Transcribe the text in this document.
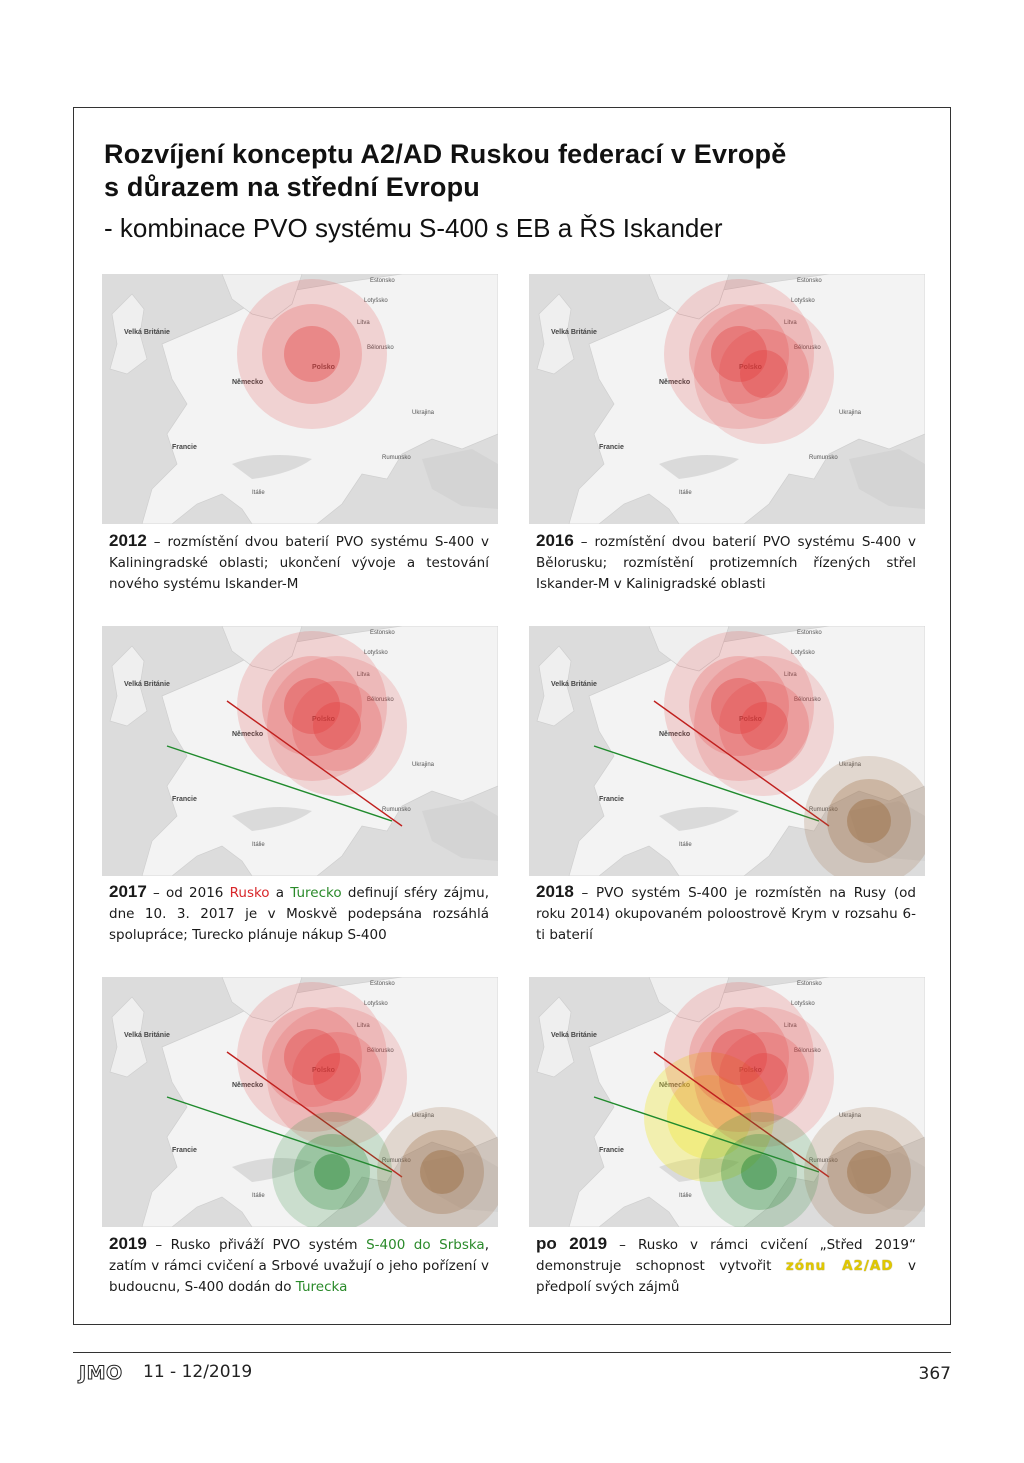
Rozvíjení konceptu A2/AD Ruskou federací v Evropě
s důrazem na střední Evropu
- kombinace PVO systému S-400 s EB a ŘS Iskander
Velká Británie
Německo
Polsko
Francie
Itálie
Ukrajina
Rumunsko
Bělorusko
Litva
Lotyšsko
Estonsko
Velká Británie
Německo
Polsko
Francie
Itálie
Ukrajina
Rumunsko
Bělorusko
Litva
Lotyšsko
Estonsko
Velká Británie
Německo
Polsko
Francie
Itálie
Ukrajina
Rumunsko
Bělorusko
Litva
Lotyšsko
Estonsko
Velká Británie
Německo
Polsko
Francie
Itálie
Ukrajina
Rumunsko
Bělorusko
Litva
Lotyšsko
Estonsko
Velká Británie
Německo
Polsko
Francie
Itálie
Ukrajina
Rumunsko
Bělorusko
Litva
Lotyšsko
Estonsko
Velká Británie
Německo
Polsko
Francie
Itálie
Ukrajina
Rumunsko
Bělorusko
Litva
Lotyšsko
Estonsko
2012 – rozmístění dvou baterií PVO systému S-400 v Kaliningradské oblasti; ukončení vývoje a testování nového systému Iskander-M
2016 – rozmístění dvou baterií PVO systému S-400 v Bělorusku; rozmístění protizemních řízených střel Iskander-M v Kalinigradské oblasti
2017 – od 2016 Rusko a Turecko definují sféry zájmu, dne 10. 3. 2017 je v Moskvě podepsána rozsáhlá spolupráce; Turecko plánuje nákup S-400
2018 – PVO systém S-400 je rozmístěn na Rusy (od roku 2014) okupovaném poloostrově Krym v rozsahu 6-ti baterií
2019 – Rusko přiváží PVO systém S-400 do Srbska, zatím v rámci cvičení a Srbové uvažují o jeho pořízení v budoucnu, S-400 dodán do Turecka
po 2019 – Rusko v rámci cvičení „Střed 2019“ demonstruje schopnost vytvořit zónu A2/AD v předpolí svých zájmů
JMO 11 - 12/2019	367
